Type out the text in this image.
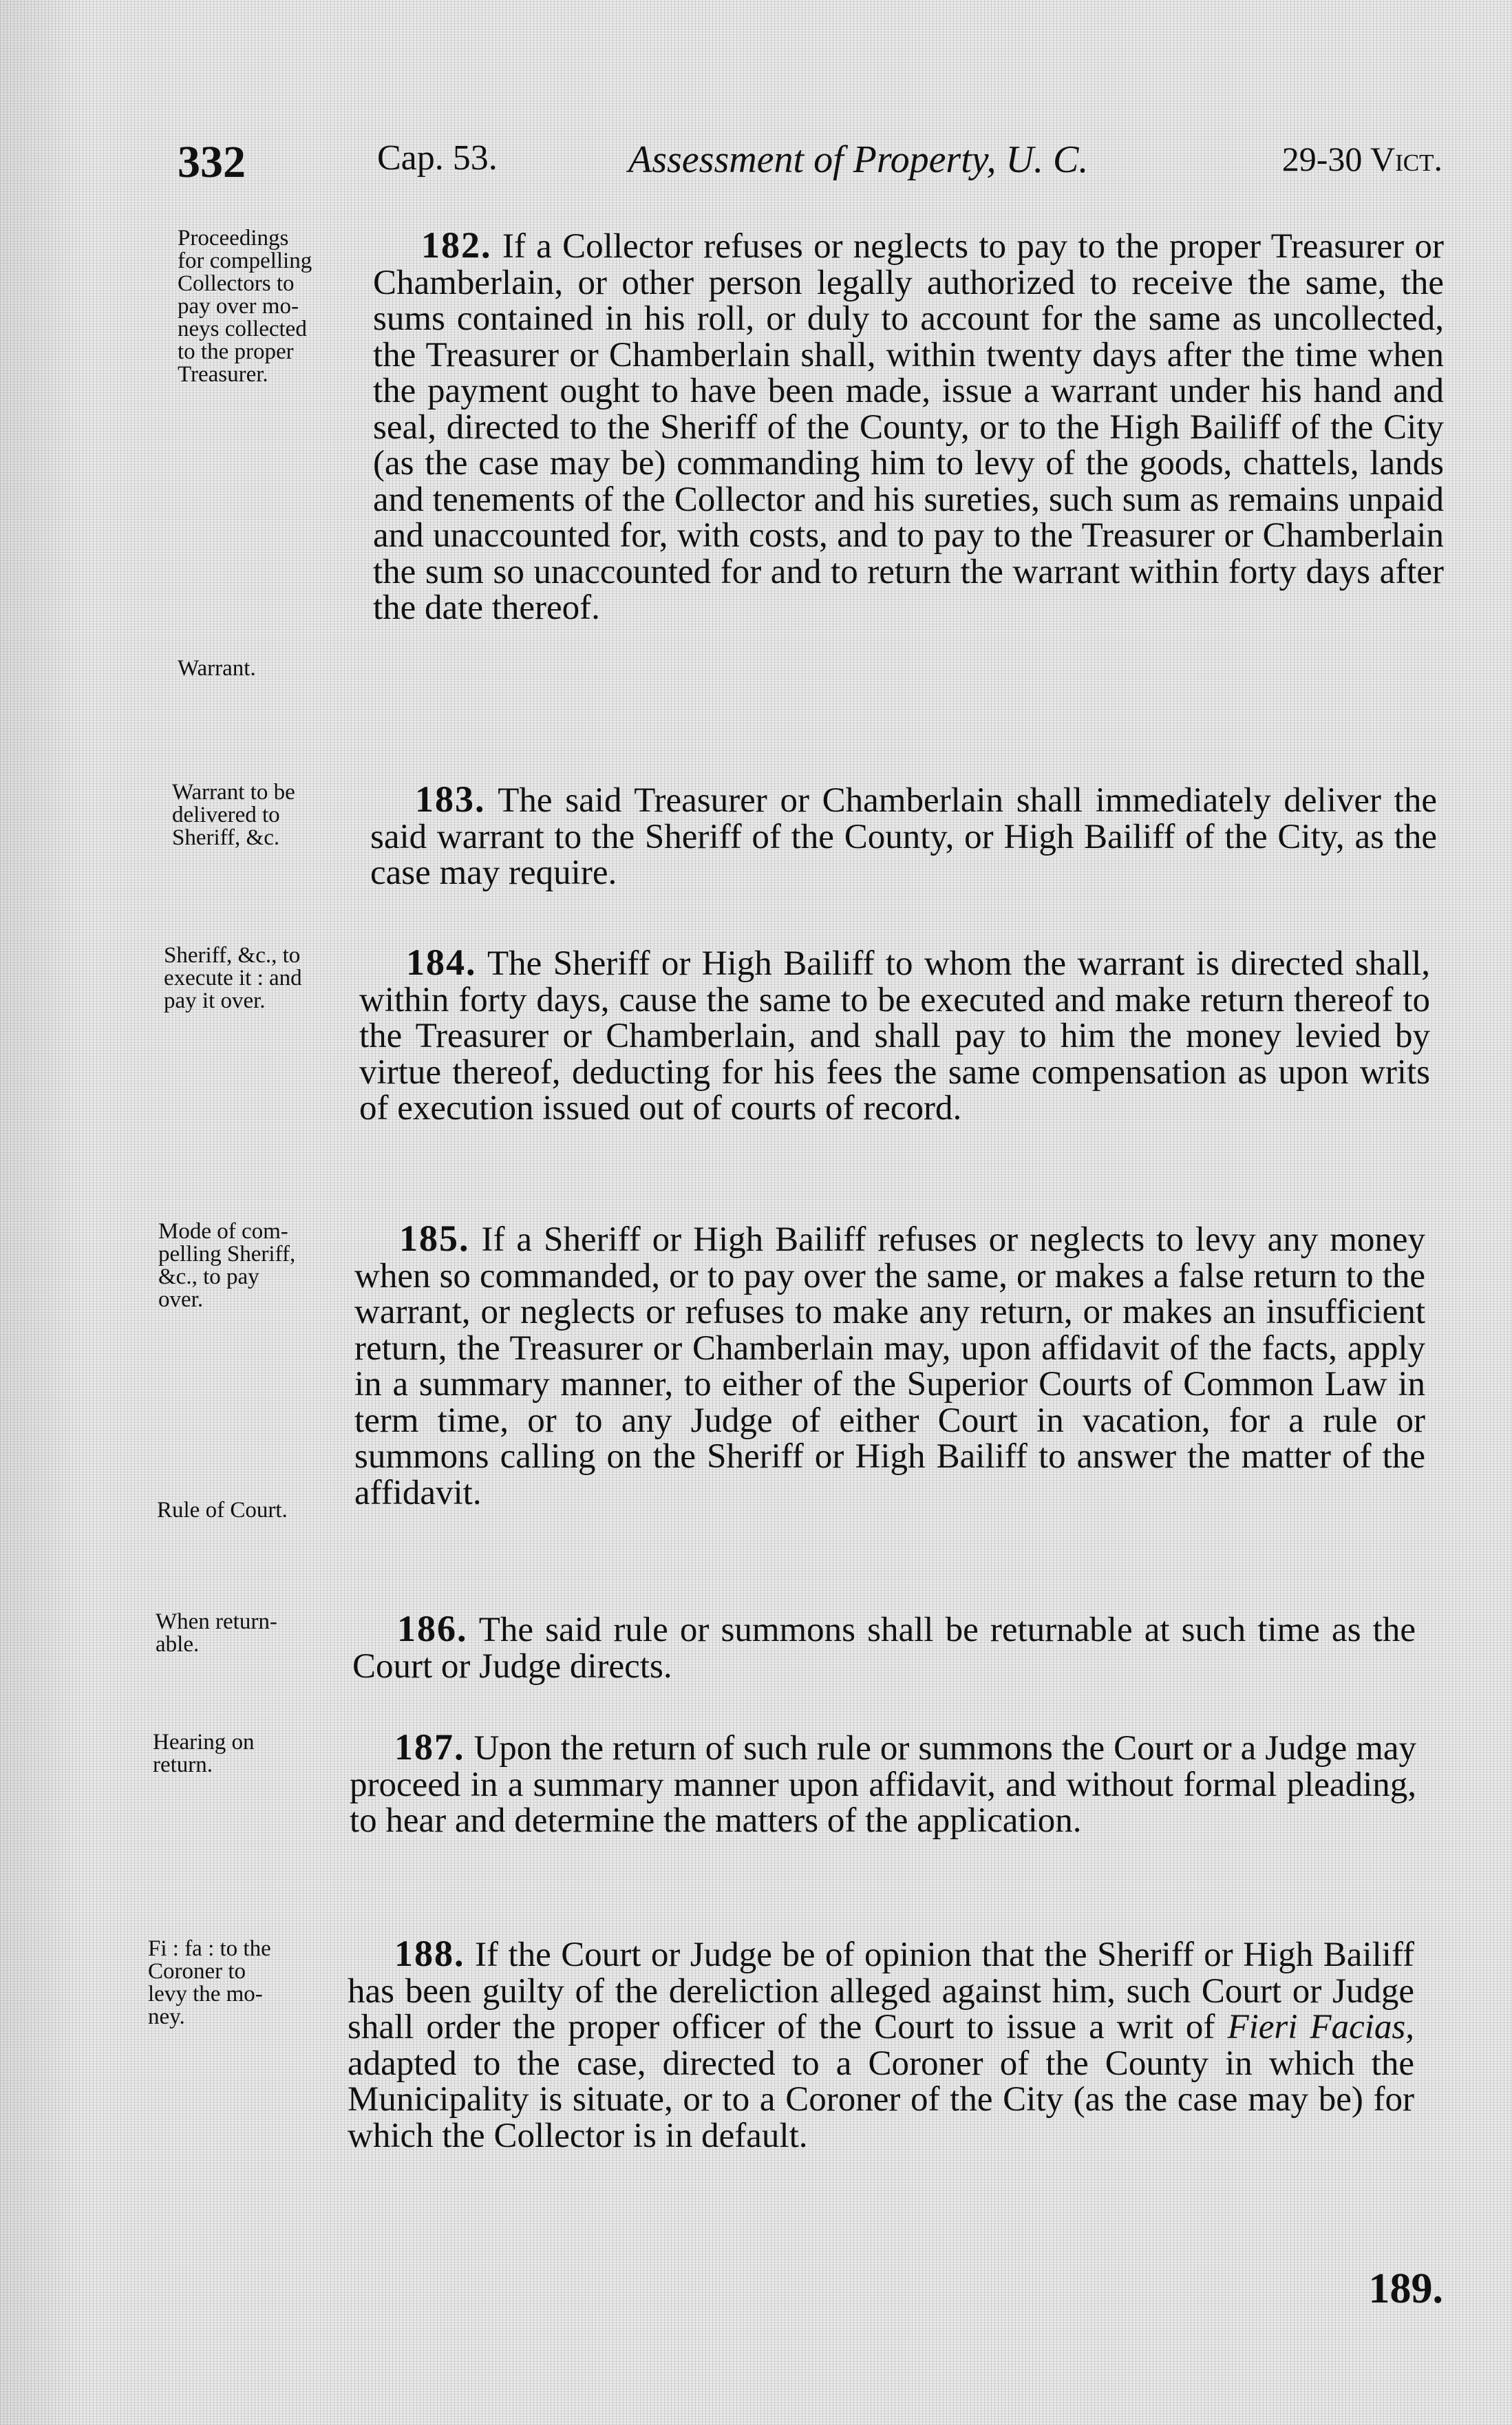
332	Cap. 53.	Assessment of Property, U. C.	29-30 Vict.

Proceedings
for compelling
Collectors to
pay over mo-
neys collected
to the proper
Treasurer.

Warrant.

182. If a Collector refuses or neglects to pay to the proper Treasurer or Chamberlain, or other person legally authorized to receive the same, the sums contained in his roll, or duly to account for the same as uncollected, the Treasurer or Chamberlain shall, within twenty days after the time when the payment ought to have been made, issue a warrant under his hand and seal, directed to the Sheriff of the County, or to the High Bailiff of the City (as the case may be) commanding him to levy of the goods, chattels, lands and tenements of the Collector and his sureties, such sum as remains unpaid and unaccounted for, with costs, and to pay to the Treasurer or Chamberlain the sum so unaccounted for and to return the warrant within forty days after the date thereof.

Warrant to be
delivered to
Sheriff, &c.

183. The said Treasurer or Chamberlain shall immediately deliver the said warrant to the Sheriff of the County, or High Bailiff of the City, as the case may require.

Sheriff, &c., to
execute it : and
pay it over.

184. The Sheriff or High Bailiff to whom the warrant is directed shall, within forty days, cause the same to be executed and make return thereof to the Treasurer or Chamberlain, and shall pay to him the money levied by virtue thereof, deducting for his fees the same compensation as upon writs of execution issued out of courts of record.

Mode of com-
pelling Sheriff,
&c., to pay
over.

Rule of Court.

185. If a Sheriff or High Bailiff refuses or neglects to levy any money when so commanded, or to pay over the same, or makes a false return to the warrant, or neglects or refuses to make any return, or makes an insufficient return, the Treasurer or Chamberlain may, upon affidavit of the facts, apply in a summary manner, to either of the Superior Courts of Common Law in term time, or to any Judge of either Court in vacation, for a rule or summons calling on the Sheriff or High Bailiff to answer the matter of the affidavit.

When return-
able.	186. The said rule or summons shall be returnable at such time as the Court or Judge directs.

Hearing on
return.	187. Upon the return of such rule or summons the Court or a Judge may proceed in a summary manner upon affidavit, and without formal pleading, to hear and determine the matters of the application.

Fi : fa : to the
Coroner to
levy the mo-
ney.

188. If the Court or Judge be of opinion that the Sheriff or High Bailiff has been guilty of the dereliction alleged against him, such Court or Judge shall order the proper officer of the Court to issue a writ of Fieri Facias, adapted to the case, directed to a Coroner of the County in which the Municipality is situate, or to a Coroner of the City (as the case may be) for which the Collector is in default.

189.
